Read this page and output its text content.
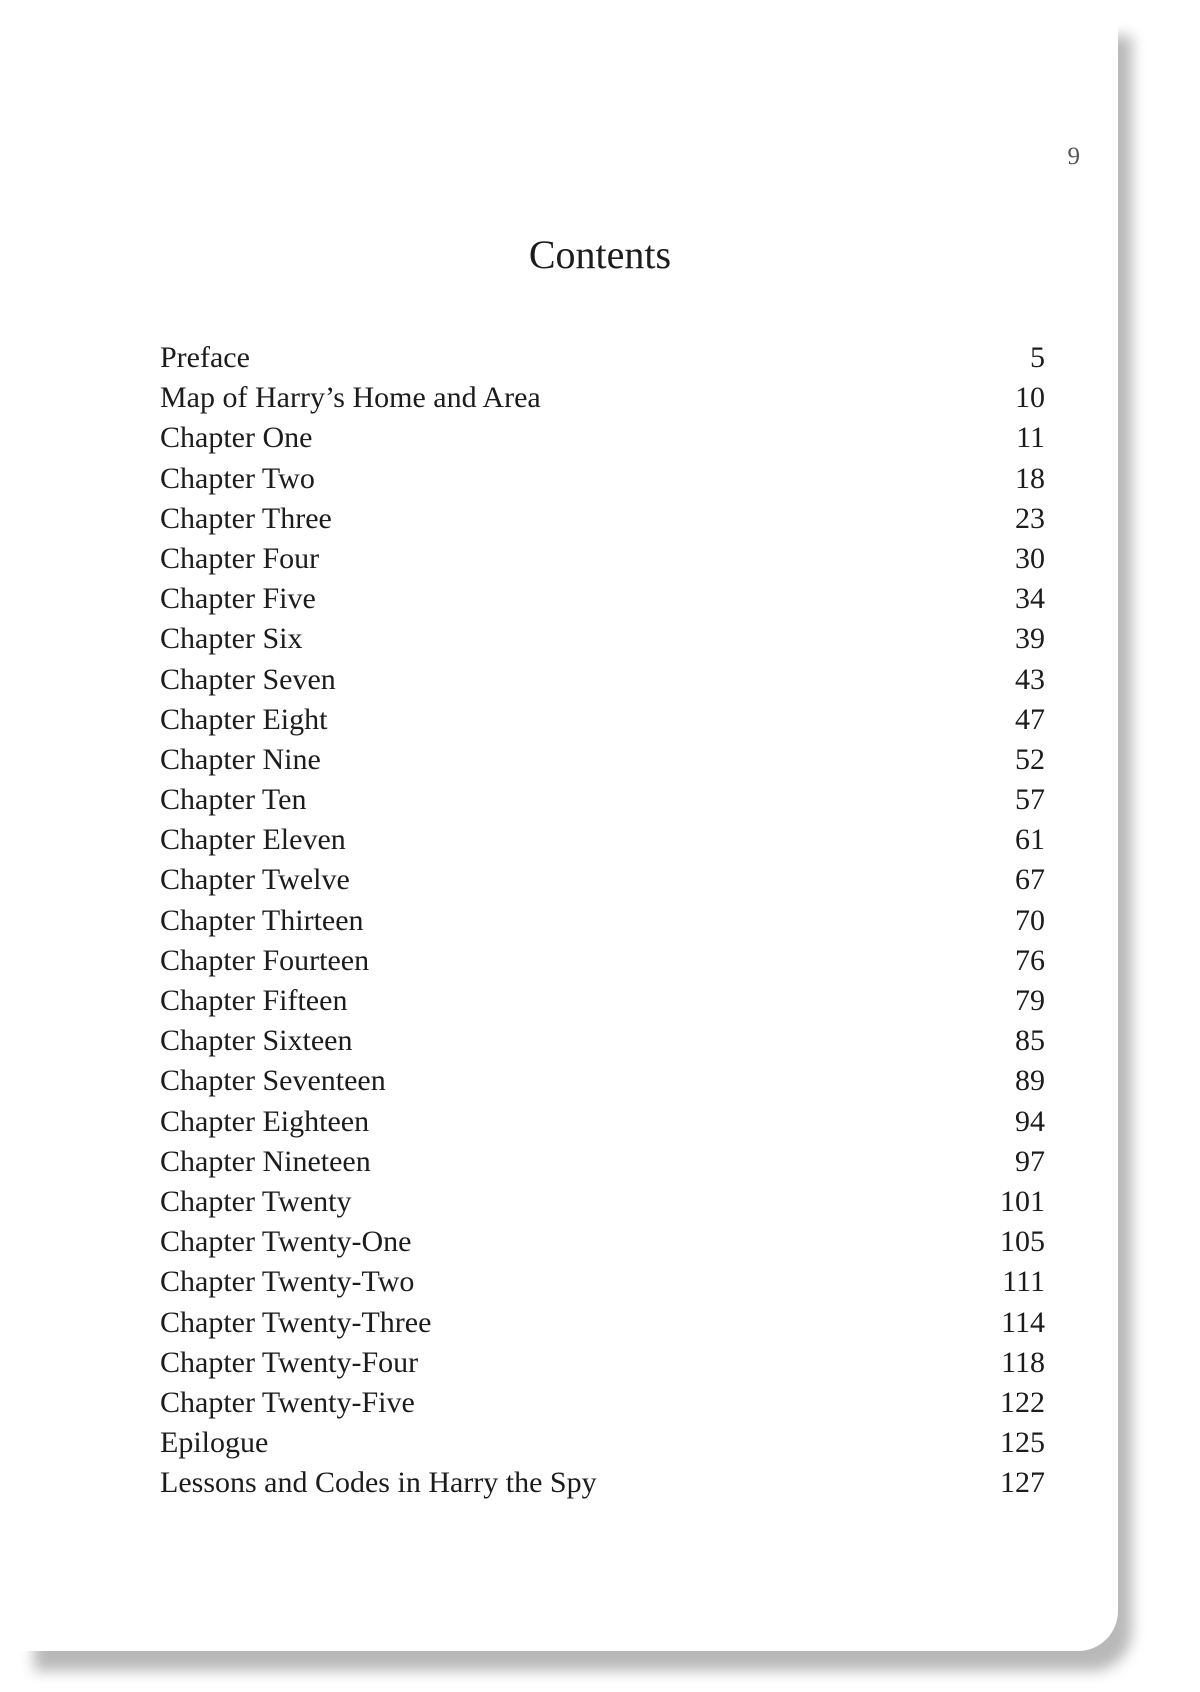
9
Contents
Preface	5
Map of Harry’s Home and Area	10
Chapter One	11
Chapter Two	18
Chapter Three	23
Chapter Four	30
Chapter Five	34
Chapter Six	39
Chapter Seven	43
Chapter Eight	47
Chapter Nine	52
Chapter Ten	57
Chapter Eleven	61
Chapter Twelve	67
Chapter Thirteen	70
Chapter Fourteen	76
Chapter Fifteen	79
Chapter Sixteen	85
Chapter Seventeen	89
Chapter Eighteen	94
Chapter Nineteen	97
Chapter Twenty	101
Chapter Twenty-One	105
Chapter Twenty-Two	111
Chapter Twenty-Three	114
Chapter Twenty-Four	118
Chapter Twenty-Five	122
Epilogue	125
Lessons and Codes in Harry the Spy	127
